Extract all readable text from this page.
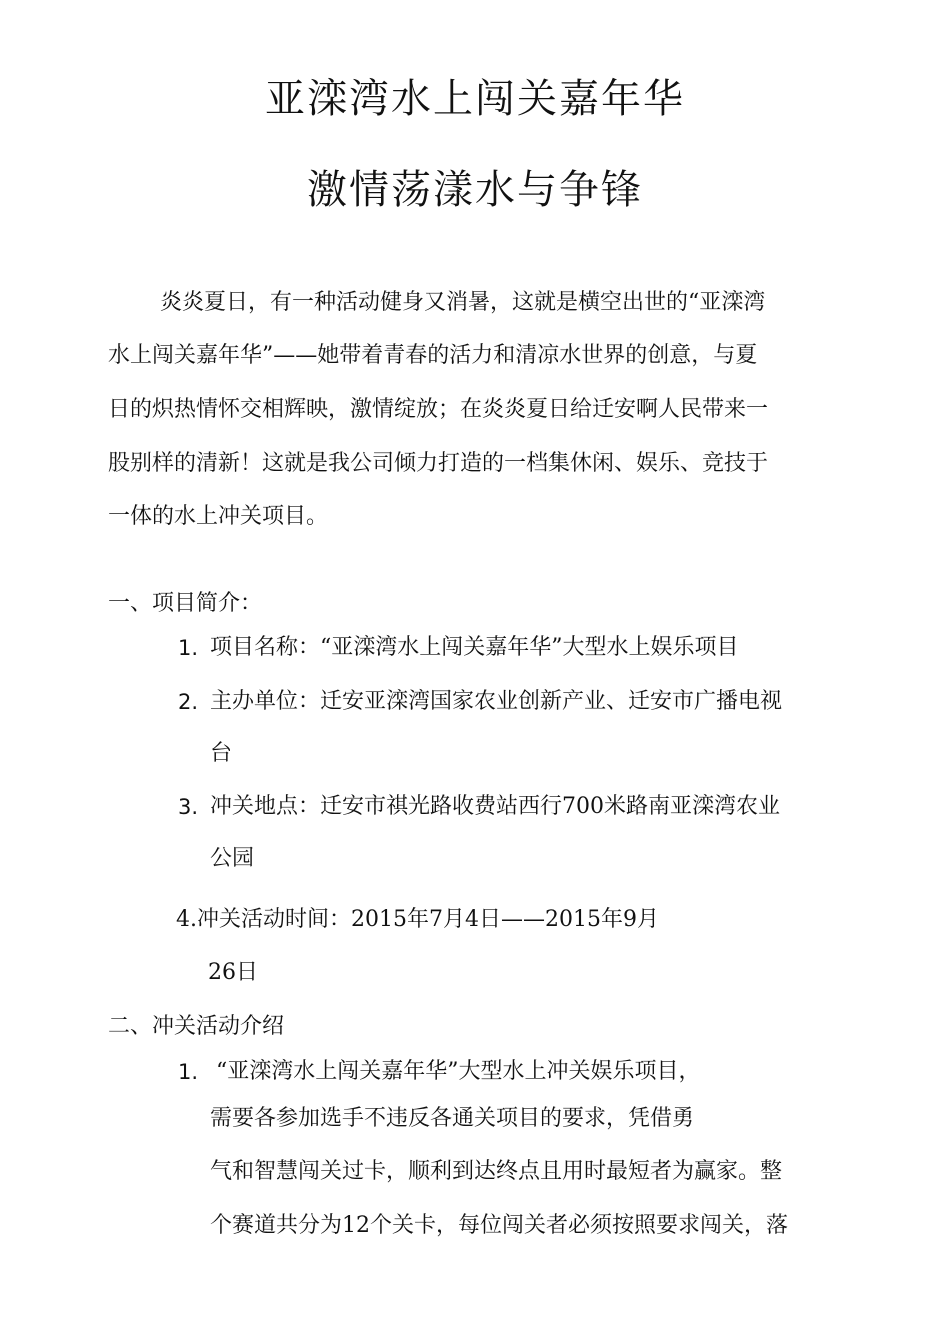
亚滦湾水上闯关嘉年华
激情荡漾水与争锋
炎炎夏日，有一种活动健身又消暑，这就是横空出世的“亚滦湾
水上闯关嘉年华”——她带着青春的活力和清凉水世界的创意，与夏
日的炽热情怀交相辉映，激情绽放；在炎炎夏日给迁安啊人民带来一
股别样的清新！这就是我公司倾力打造的一档集休闲、娱乐、竞技于
一体的水上冲关项目。
一、项目简介：
1. 项目名称：“亚滦湾水上闯关嘉年华”大型水上娱乐项目
2. 主办单位：迁安亚滦湾国家农业创新产业、迁安市广播电视
台
3. 冲关地点：迁安市祺光路收费站西行700米路南亚滦湾农业
公园
4.冲关活动时间：2015年7月4日——2015年9月
26日
二、冲关活动介绍
1. “亚滦湾水上闯关嘉年华”大型水上冲关娱乐项目，
需要各参加选手不违反各通关项目的要求，凭借勇
气和智慧闯关过卡，顺利到达终点且用时最短者为赢家。整
个赛道共分为12个关卡，每位闯关者必须按照要求闯关，落
